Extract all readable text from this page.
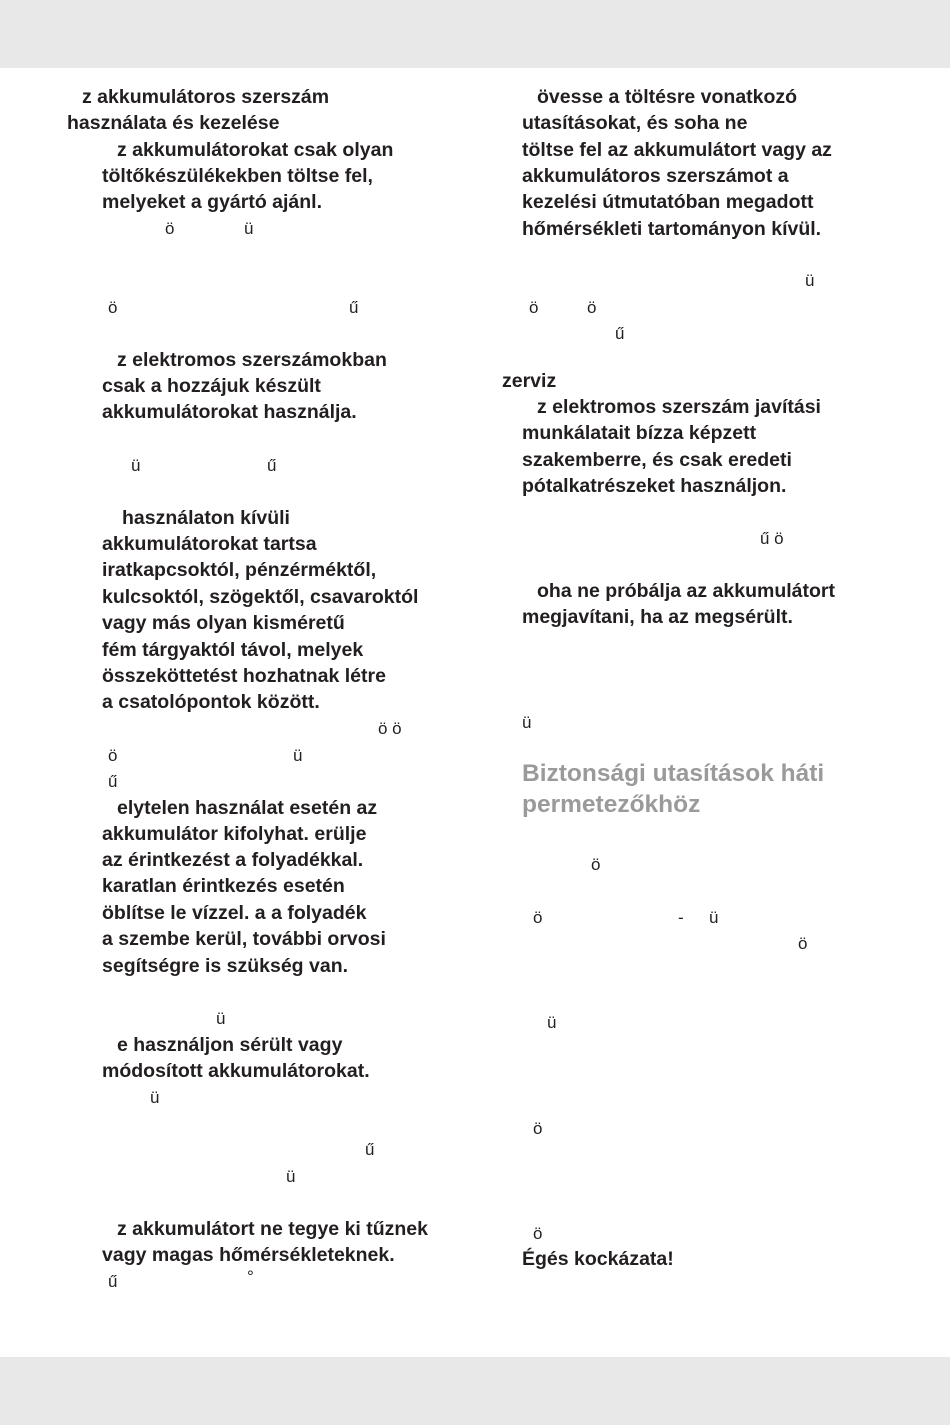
z akkumulátoros szerszám
használata és kezelése
z akkumulátorokat csak olyan
töltőkészülékekben töltse fel,
melyeket a gyártó ajánl.
ö	ü
ö	ű
z elektromos szerszámokban
csak a hozzájuk készült
akkumulátorokat használja.
ü	ű
használaton kívüli
akkumulátorokat tartsa
iratkapcsoktól, pénzérméktől,
kulcsoktól, szögektől, csavaroktól
vagy más olyan kisméretű
fém tárgyaktól távol, melyek
összeköttetést hozhatnak létre
a csatolópontok között.
ö ö
ö	ü
ű
elytelen használat esetén az
akkumulátor kifolyhat. erülje
az érintkezést a folyadékkal.
karatlan érintkezés esetén
öblítse le vízzel. a a folyadék
a szembe kerül, további orvosi
segítségre is szükség van.
ü
e használjon sérült vagy
módosított akkumulátorokat.
ü
ű
ü
z akkumulátort ne tegye ki tűznek
vagy magas hőmérsékleteknek.
ű	°
övesse a töltésre vonatkozó
utasításokat, és soha ne
töltse fel az akkumulátort vagy az
akkumulátoros szerszámot a
kezelési útmutatóban megadott
hőmérsékleti tartományon kívül.
ü
ö	ö
ű
zerviz
z elektromos szerszám javítási
munkálatait bízza képzett
szakemberre, és csak eredeti
pótalkatrészeket használjon.
ű ö
oha ne próbálja az akkumulátort
megjavítani, ha az megsérült.
ü
Biztonsági utasítások háti
permetezőkhöz
ö
ö	- ü
ö
ü
ö
ö
Égés kockázata!
